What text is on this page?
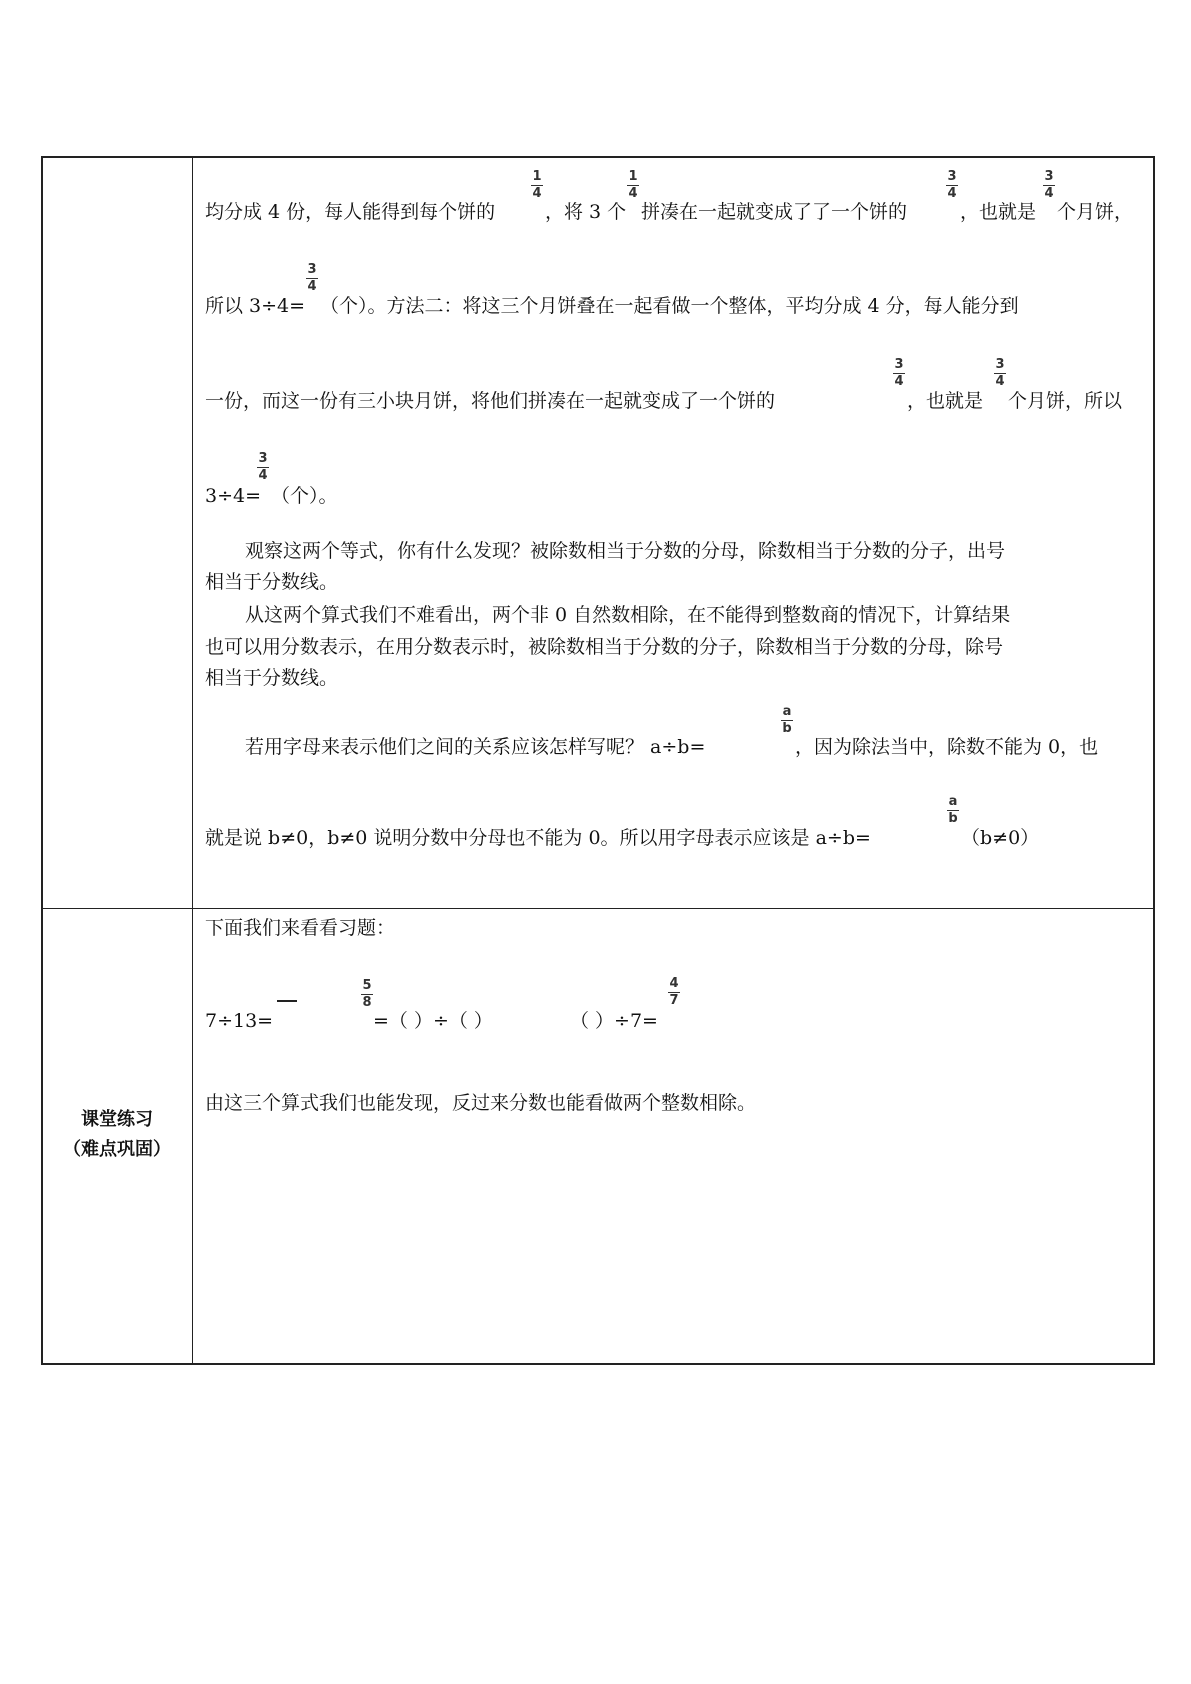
均分成 4 份，每人能得到每个饼的
1
4
，将 3 个
1
4
拼凑在一起就变成了了一个饼的
3
4
，也就是
3
4
个月饼，
所以 3÷4=
3
4
（个）。方法二：将这三个月饼叠在一起看做一个整体，平均分成 4 分，每人能分到
一份，而这一份有三小块月饼，将他们拼凑在一起就变成了一个饼的
3
4
，也就是
3
4
个月饼，所以
3÷4=
3
4
（个）。
观察这两个等式，你有什么发现？被除数相当于分数的分母，除数相当于分数的分子，出号
相当于分数线。
从这两个算式我们不难看出，两个非 0 自然数相除，在不能得到整数商的情况下，计算结果
也可以用分数表示，在用分数表示时，被除数相当于分数的分子，除数相当于分数的分母，除号
相当于分数线。
若用字母来表示他们之间的关系应该怎样写呢？ a÷b=
a
b
，因为除法当中，除数不能为 0，也
就是说 b≠0，b≠0 说明分数中分母也不能为 0。所以用字母表示应该是 a÷b=
a
b
（b≠0）
课堂练习
（难点巩固）
下面我们来看看习题：
7÷13=
5
8
=（ ）÷（ ）	（ ）÷7=
4
7
由这三个算式我们也能发现，反过来分数也能看做两个整数相除。
